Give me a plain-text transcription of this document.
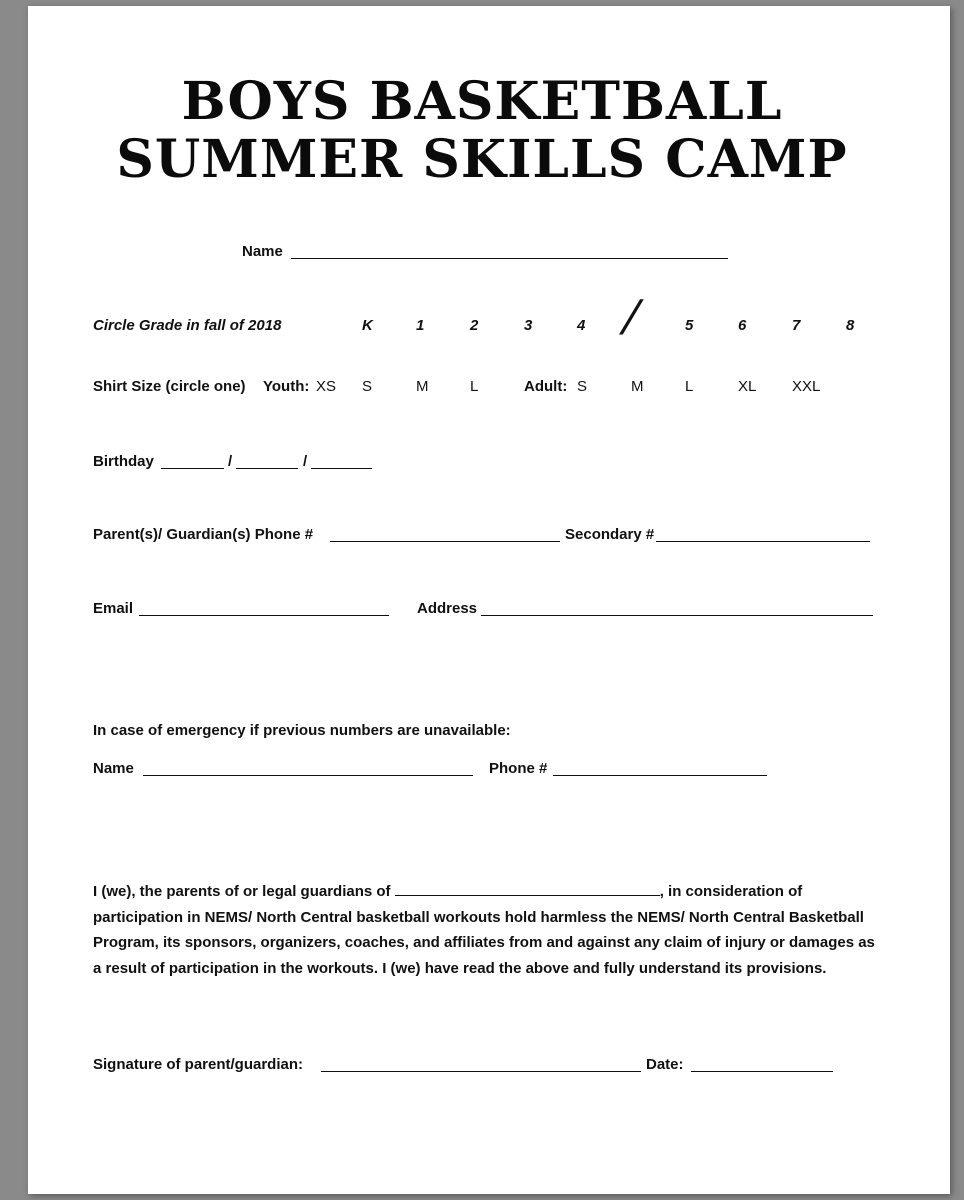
BOYS BASKETBALL
SUMMER SKILLS CAMP
Name
Circle Grade in fall of 2018	K	1	2	3	4 /	5	6	7	8
Shirt Size (circle one) Youth: XS S	M	L	Adult: S	M	L	XL XXL
Birthday	/	/
Parent(s)/ Guardian(s) Phone #	Secondary #
Email	Address
In case of emergency if previous numbers are unavailable:
Name	Phone #
I (we), the parents of or legal guardians of	, in consideration of participation in NEMS/ North Central basketball workouts hold harmless the NEMS/ North Central Basketball Program, its sponsors, organizers, coaches, and affiliates from and against any claim of injury or damages as a result of participation in the workouts. I (we) have read the above and fully understand its provisions.
Signature of parent/guardian:	Date:
